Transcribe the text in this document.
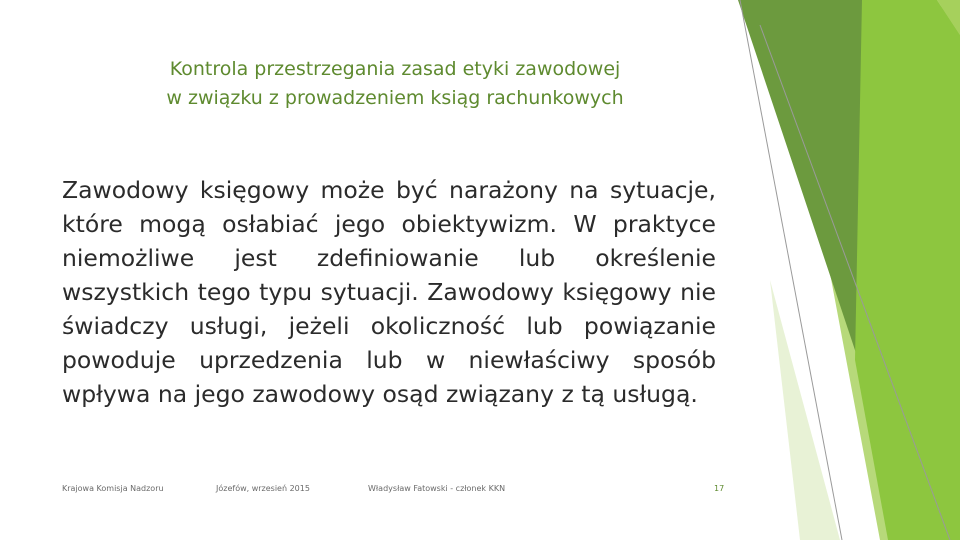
Kontrola przestrzegania zasad etyki zawodowej
w związku z prowadzeniem ksiąg rachunkowych

Zawodowy księgowy może być narażony na sytuacje, które mogą osłabiać jego obiektywizm. W praktyce niemożliwe jest zdefiniowanie lub określenie wszystkich tego typu sytuacji. Zawodowy księgowy nie świadczy usługi, jeżeli okoliczność lub powiązanie powoduje uprzedzenia lub w niewłaściwy sposób wpływa na jego zawodowy osąd związany z tą usługą.

Krajowa Komisja Nadzoru	Józefów, wrzesień 2015	Władysław Fatowski - członek KKN	17
